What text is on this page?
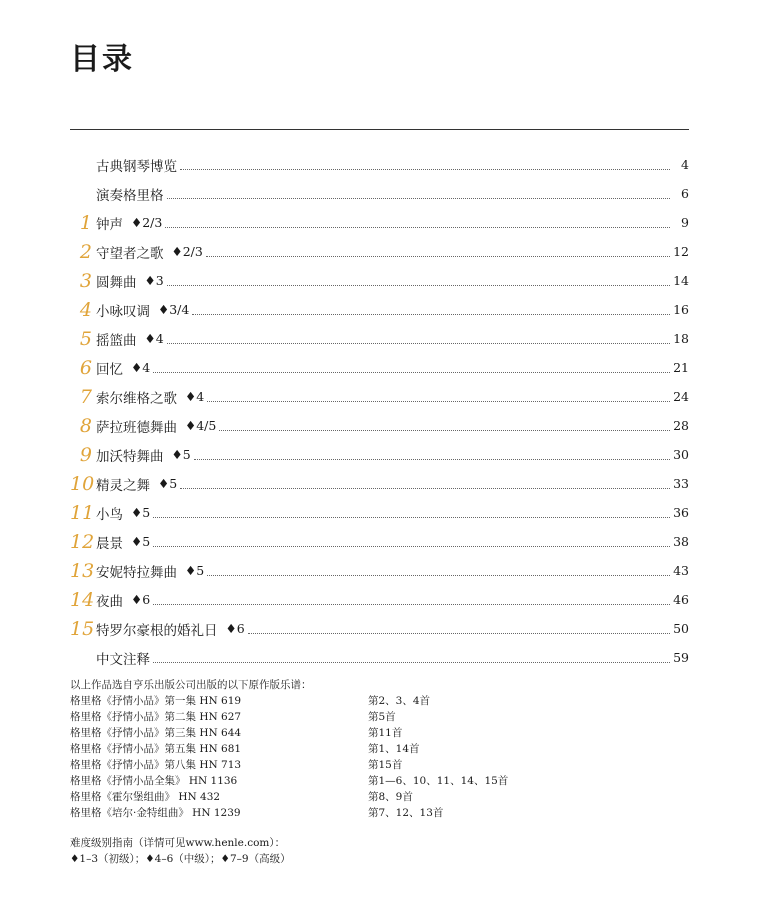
目录
古典钢琴博览	4
演奏格里格	6
1 钟声 ♦2/3	9
2 守望者之歌 ♦2/3	12
3 圆舞曲 ♦3	14
4 小咏叹调 ♦3/4	16
5 摇篮曲 ♦4	18
6 回忆 ♦4	21
7 索尔维格之歌 ♦4	24
8 萨拉班德舞曲 ♦4/5	28
9 加沃特舞曲 ♦5	30
10 精灵之舞 ♦5	33
11 小鸟 ♦5	36
12 晨景 ♦5	38
13 安妮特拉舞曲 ♦5	43
14 夜曲 ♦6	46
15 特罗尔豪根的婚礼日 ♦6	50
中文注释	59
以上作品选自亨乐出版公司出版的以下原作版乐谱：
格里格《抒情小品》第一集 HN 619	第2、3、4首
格里格《抒情小品》第二集 HN 627	第5首
格里格《抒情小品》第三集 HN 644	第11首
格里格《抒情小品》第五集 HN 681	第1、14首
格里格《抒情小品》第八集 HN 713	第15首
格里格《抒情小品全集》 HN 1136	第1—6、10、11、14、15首
格里格《霍尔堡组曲》 HN 432	第8、9首
格里格《培尔·金特组曲》 HN 1239	第7、12、13首
难度级别指南（详情可见www.henle.com）：
♦1–3（初级）；♦4–6（中级）；♦7–9（高级）
